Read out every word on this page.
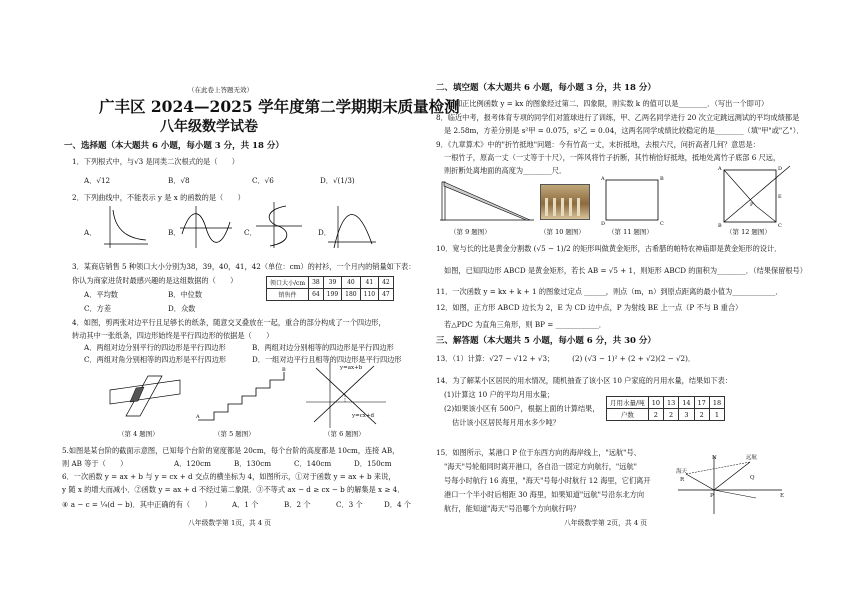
（在此卷上答题无效）
广丰区 2024—2025 学年度第二学期期末质量检测
八年级数学试卷
一、选择题（本大题共 6 小题，每小题 3 分，共 18 分）
1．下列根式中，与√3 是同类二次根式的是（　　）
A．√12	B．√8	C．√6	D．√(1/3)
2．下列曲线中，不能表示 y 是 x 的函数的是（　　）
A．	B．	C．	D．
3．某商店销售 5 种领口大小分别为38，39，40，41，42（单位：cm）的衬衫，一个月内的销量如下表：
你认为商家进货时最感兴趣的是这组数据的（　　）
A．平均数	B．中位数
C．方差	D．众数
领口大小/cm	38	39	40	41	42
销售件	64	199	180	110	47
4．如图，剪两张对边平行且足够长的纸条，随意交叉叠放在一起，重合的部分构成了一个四边形，
转动其中一张纸条，四边形始终是平行四边形的依据是（　　）
A．两组对边分别平行的四边形是平行四边形	B．两组对边分别相等的四边形是平行四边形
C．两组对角分别相等的四边形是平行四边形	D．一组对边平行且相等的四边形是平行四边形
（第 4 题图）
A
B
（第 5 题图）
y=ax+b
y=cx+d
（第 6 题图）
5.如图是某台阶的截面示意图，已知每个台阶的宽度都是 20cm，每个台阶的高度都是 10cm，连接 AB，
则 AB 等于（　　）	A．120cm	B．130cm	C．140cm	D．150cm
6．一次函数 y = ax + b 与 y = cx + d 交点的横坐标为 4，如图所示，①对于函数 y = ax + b 来说，
y 随 x 的增大而减小．②函数 y = ax + d 不经过第二象限．③不等式 ax − d ≥ cx − b 的解集是 x ≥ 4．
④ a − c = ¼(d − b)．其中正确的有（　　）	A．1 个	B．2 个	C．3 个	D．4 个
八年级数学第 1页，共 4 页
二、填空题（本大题共 6 小题，每小题 3 分，共 18 分）
7．已知正比例函数 y = kx 的图象经过第二、四象限，则实数 k 的值可以是________．（写出一个即可）
8．临近中考，报考体育专项的同学们对篮球进行了训练，甲、乙两名同学进行 20 次立定跳远测试的平均成绩都是
是 2.58m，方差分别是 s²甲 = 0.075，s²乙 = 0.04，这两名同学成绩比较稳定的是________（填"甲"或"乙"）．
9．《九章算术》中的"折竹抵地"问题：今有竹高一丈，末折抵地，去根六尺，问折高者几何？意思是：
一根竹子，原高一丈（一丈等于十尺），一阵风将竹子折断，其竹梢恰好抵地，抵地处离竹子底部 6 尺远，
则折断处离地面的高度为________尺．
（第 9 题图）	（第 10 题图）
A	B
D	C
（第 11 题图）
A	D
B	C
E
P
（第 12 题图）
10．宽与长的比是黄金分割数 (√5 − 1)/2 的矩形叫做黄金矩形，古希腊的帕特农神庙即是黄金矩形的设计．
如图，已知四边形 ABCD 是黄金矩形，若长 AB = √5 + 1，则矩形 ABCD 的面积为________．（结果保留根号）
11．一次函数 y = kx + k + 1 的图象过定点 ______，则点（m，n）到原点距离的最小值为____________．
12．如图，正方形 ABCD 边长为 2，E 为 CD 边中点，P 为射线 BE 上一点（P 不与 B 重合）
若△PDC 为直角三角形，则 BP = ____________．
三、解答题（本大题共 5 小题，每小题 6 分，共 30 分）
13．（1）计算：√27 − √12 + √3；　　　(2) (√3 − 1)² + (2 + √2)(2 − √2)．
14．为了解某小区居民的用水情况，随机抽查了该小区 10 户家庭的月用水量，结果如下表：
(1)计算这 10 户的平均月用水量；
(2)如果该小区有 500户，根据上面的计算结果，
估计该小区居民每月用水多少吨？
月用水量/吨	10	13	14	17	18
户数	2	2	3	2	1
15．如图所示，某港口 P 位于东西方向的海岸线上，"远航"号、
"海天"号轮船同时离开港口，各自沿一固定方向航行，"远航"
号每小时航行 16 海里，"海天"号每小时航行 12 海里，它们离开
港口一个半小时后相距 30 海里，如果知道"远航"号沿东北方向
航行，能知道"海天"号沿哪个方向航行吗？
N	远航
海天
P
Q
E
R
八年级数学第 2页，共 4 页
